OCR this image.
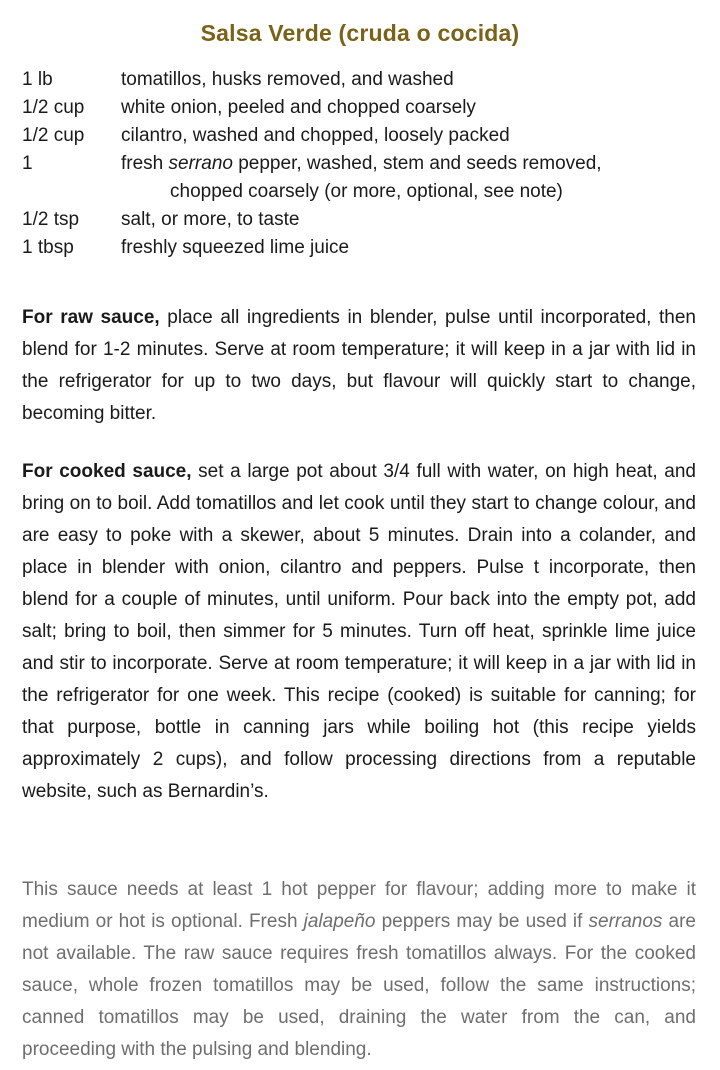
Salsa Verde (cruda o cocida)
1 lb	tomatillos, husks removed, and washed
1/2 cup	white onion, peeled and chopped coarsely
1/2 cup	cilantro, washed and chopped, loosely packed
1	fresh serrano pepper, washed, stem and seeds removed,
chopped coarsely (or more, optional, see note)
1/2 tsp	salt, or more, to taste
1 tbsp	freshly squeezed lime juice

For raw sauce, place all ingredients in blender, pulse until incorporated, then blend for 1-2 minutes. Serve at room temperature; it will keep in a jar with lid in the refrigerator for up to two days, but flavour will quickly start to change, becoming bitter.

For cooked sauce, set a large pot about 3/4 full with water, on high heat, and bring on to boil. Add tomatillos and let cook until they start to change colour, and are easy to poke with a skewer, about 5 minutes. Drain into a colander, and place in blender with onion, cilantro and peppers. Pulse t incorporate, then blend for a couple of minutes, until uniform. Pour back into the empty pot, add salt; bring to boil, then simmer for 5 minutes. Turn off heat, sprinkle lime juice and stir to incorporate. Serve at room temperature; it will keep in a jar with lid in the refrigerator for one week. This recipe (cooked) is suitable for canning; for that purpose, bottle in canning jars while boiling hot (this recipe yields approximately 2 cups), and follow processing directions from a reputable website, such as Bernardin’s.

This sauce needs at least 1 hot pepper for flavour; adding more to make it medium or hot is optional. Fresh jalapeño peppers may be used if serranos are not available. The raw sauce requires fresh tomatillos always. For the cooked sauce, whole frozen tomatillos may be used, follow the same instructions; canned tomatillos may be used, draining the water from the can, and proceeding with the pulsing and blending.
